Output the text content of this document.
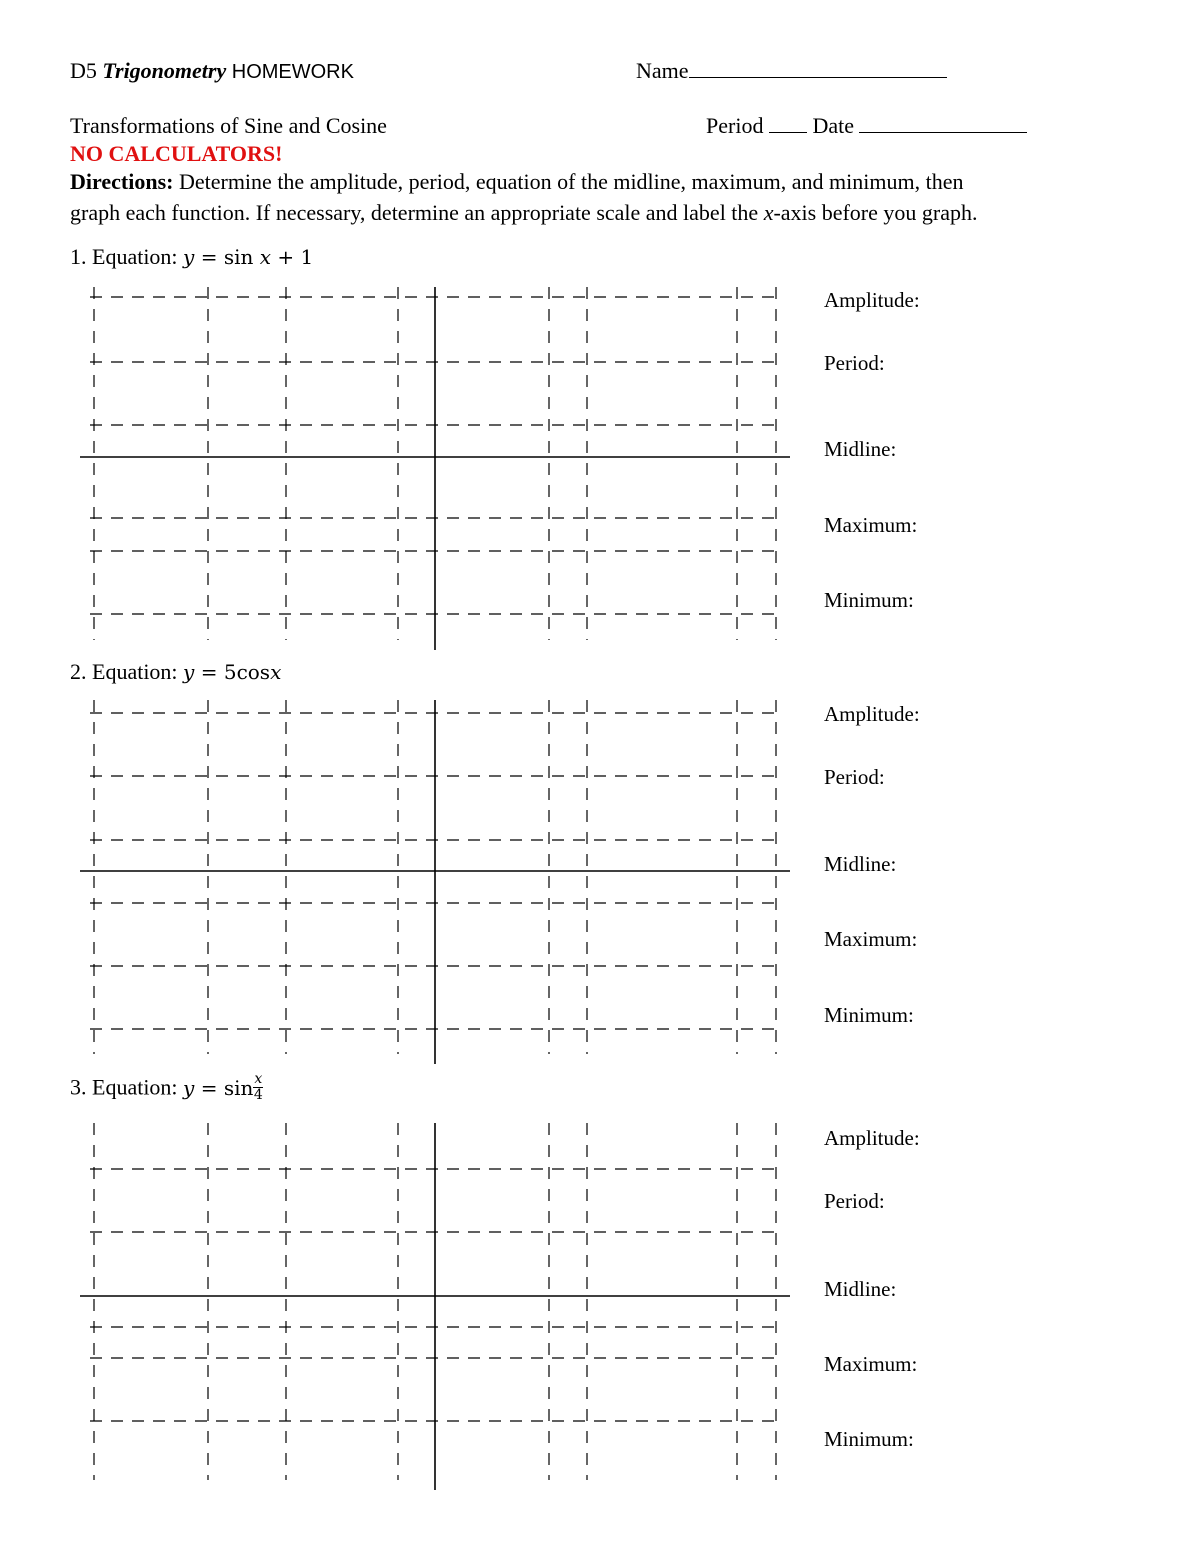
D5 Trigonometry HOMEWORK	Name
Transformations of Sine and Cosine	Period Date
NO CALCULATORS!
Directions: Determine the amplitude, period, equation of the midline, maximum, and minimum, then
graph each function. If necessary, determine an appropriate scale and label the x-axis before you graph.
1. Equation: y = sin x + 1
2. Equation: y = 5cosx
3. Equation: $y = \sin \frac{x}{4}$
Amplitude:
Period:
Midline:
Maximum:
Minimum:
Amplitude:
Period:
Midline:
Maximum:
Minimum:
Amplitude:
Period:
Midline:
Maximum:
Minimum:
